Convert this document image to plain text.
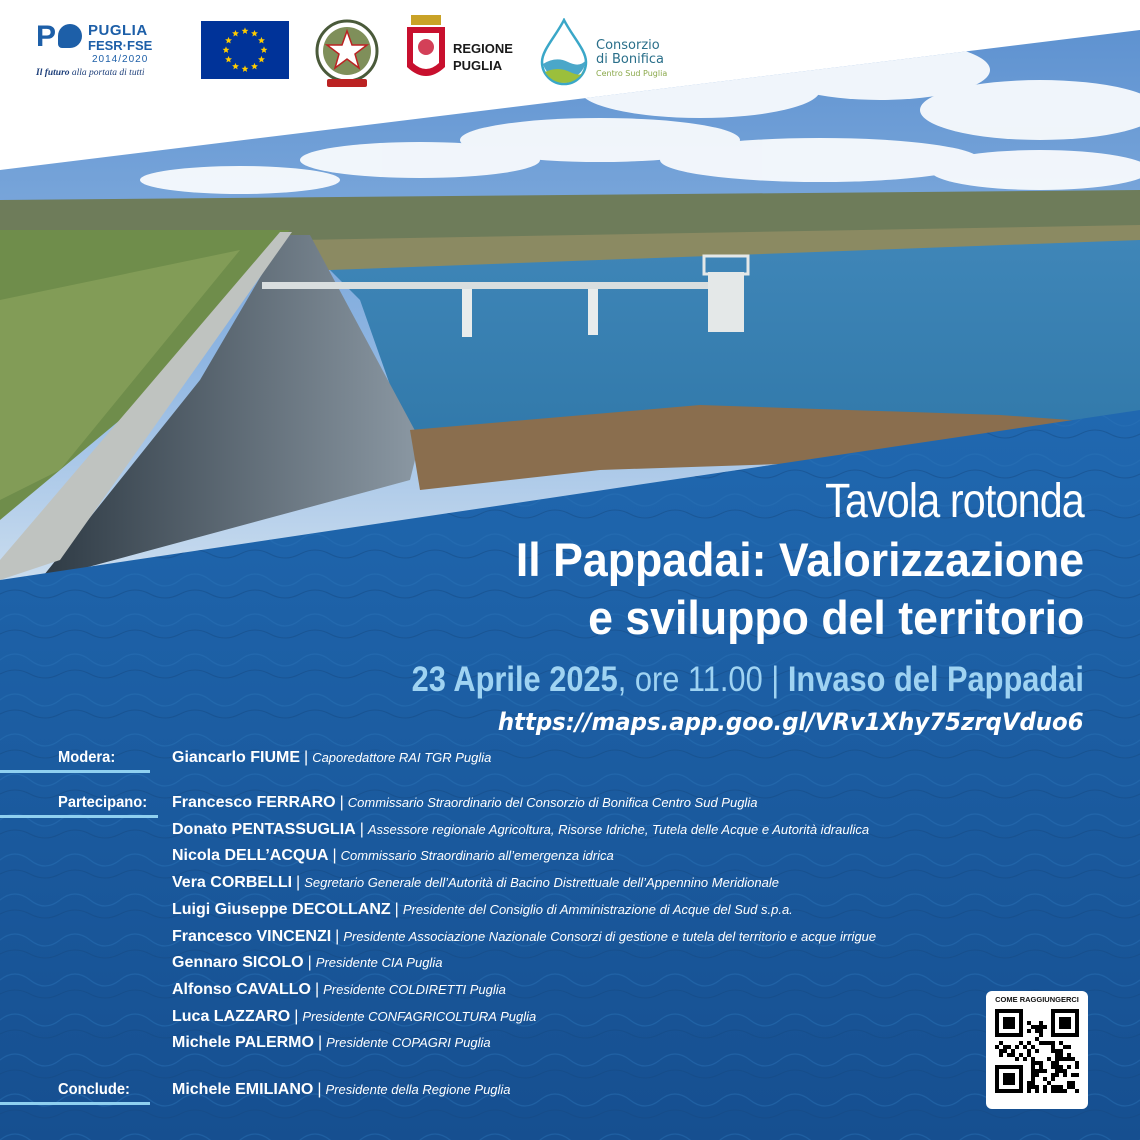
P PUGLIA
FESR·FSE
2014/2020
Il futuro alla portata di tutti
REGIONE
PUGLIA
Consorzio
di Bonifica
Centro Sud Puglia
Tavola rotonda
Il Pappadai: Valorizzazione
e sviluppo del territorio
23 Aprile 2025, ore 11.00 | Invaso del Pappadai
https://maps.app.goo.gl/VRv1Xhy75zrqVduo6
Modera:	Giancarlo FIUME | Caporedattore RAI TGR Puglia
Partecipano: Francesco FERRARO | Commissario Straordinario del Consorzio di Bonifica Centro Sud Puglia
Donato PENTASSUGLIA | Assessore regionale Agricoltura, Risorse Idriche, Tutela delle Acque e Autorità idraulica
Nicola DELL’ACQUA | Commissario Straordinario all’emergenza idrica
Vera CORBELLI | Segretario Generale dell’Autorità di Bacino Distrettuale dell’Appennino Meridionale
Luigi Giuseppe DECOLLANZ | Presidente del Consiglio di Amministrazione di Acque del Sud s.p.a.
Francesco VINCENZI | Presidente Associazione Nazionale Consorzi di gestione e tutela del territorio e acque irrigue
Gennaro SICOLO | Presidente CIA Puglia
Alfonso CAVALLO | Presidente COLDIRETTI Puglia
Luca LAZZARO | Presidente CONFAGRICOLTURA Puglia
Michele PALERMO | Presidente COPAGRI Puglia
Conclude:	Michele EMILIANO | Presidente della Regione Puglia
COME RAGGIUNGERCI
